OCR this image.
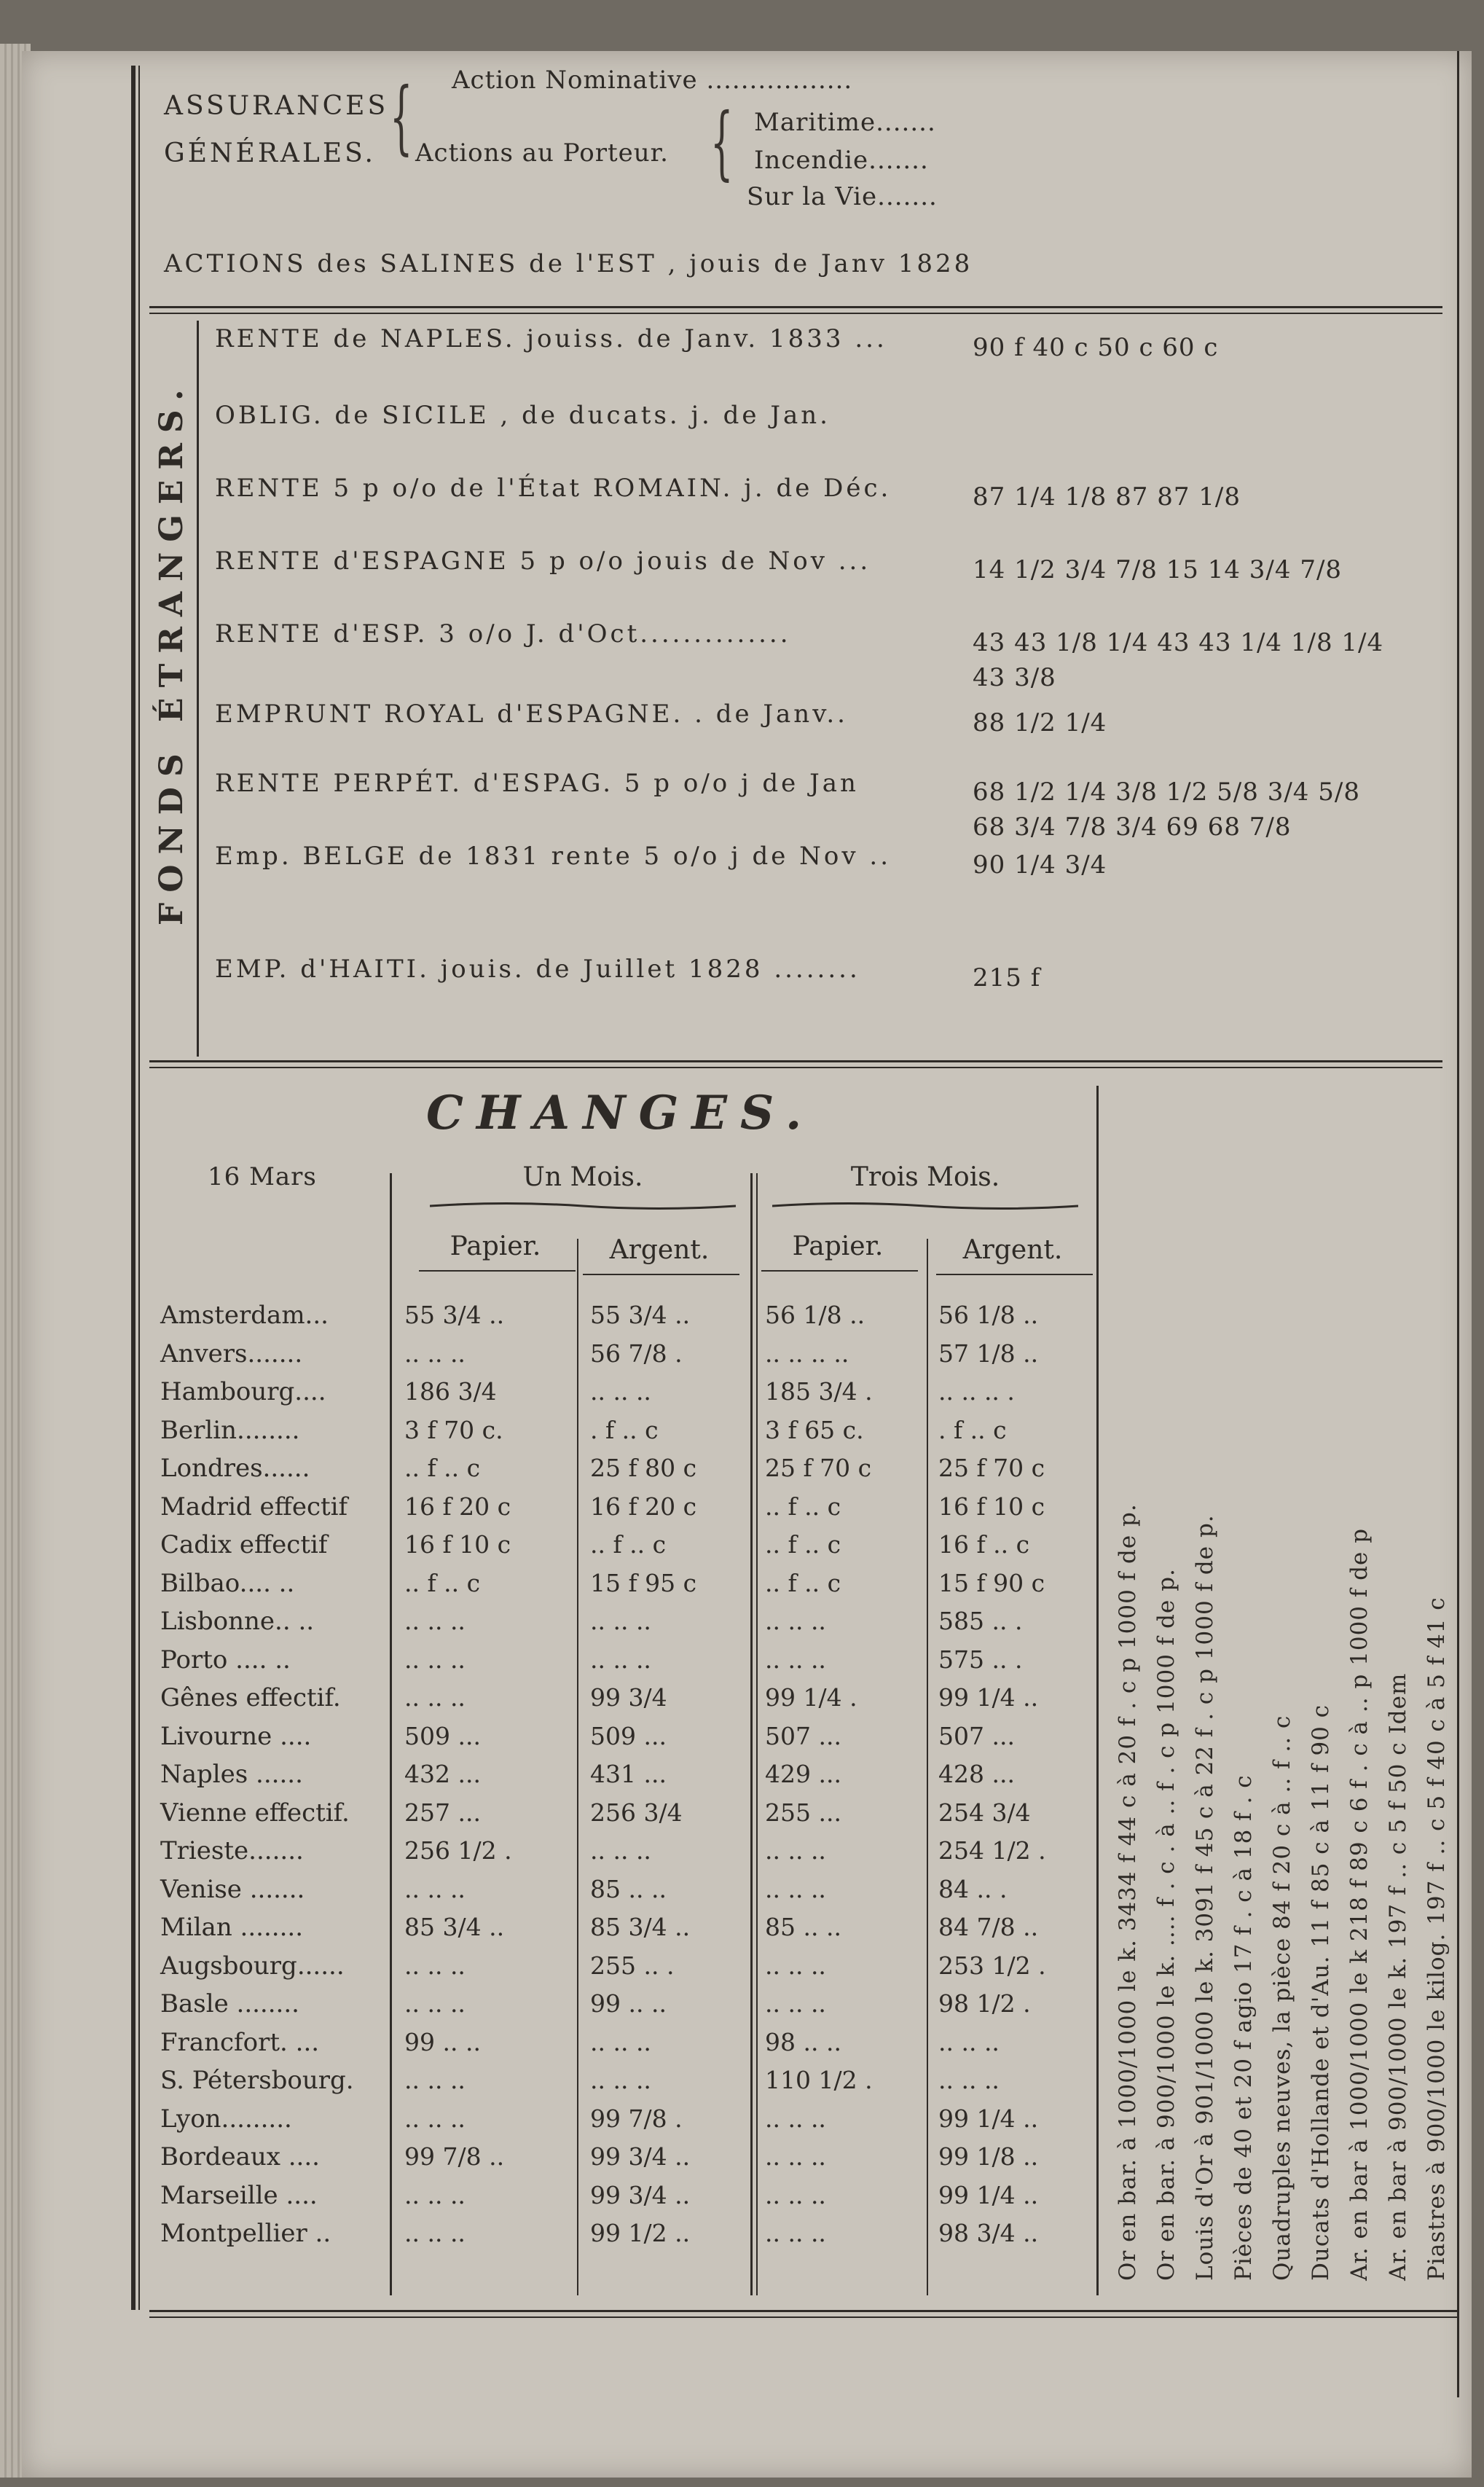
ASSURANCES
GÉNÉRALES. { Action Nominative .................
Actions au Porteur. { Maritime.......
Incendie.......
Sur la Vie.......
ACTIONS des SALINES de l'EST , jouis de Janv 1828
FONDS ÉTRANGERS.
CHANGES.
16 Mars	Un Mois.	Trois Mois.
Papier.	Argent.	Papier.	Argent.
RENTE de NAPLES. jouiss. de Janv. 1833 ...	90 f 40 c 50 c 60 c
OBLIG. de SICILE , de ducats. j. de Jan.
RENTE 5 p o/o de l'État ROMAIN. j. de Déc.	87 1/4 1/8 87 87 1/8
RENTE d'ESPAGNE 5 p o/o jouis de Nov ...	14 1/2 3/4 7/8 15 14 3/4 7/8
RENTE d'ESP. 3 o/o J. d'Oct..............	43 43 1/8 1/4 43 43 1/4 1/8 1/4
43 3/8
EMPRUNT ROYAL d'ESPAGNE. . de Janv..	88 1/2 1/4
RENTE PERPÉT. d'ESPAG. 5 p o/o j de Jan	68 1/2 1/4 3/8 1/2 5/8 3/4 5/8
68 3/4 7/8 3/4 69 68 7/8
Emp. BELGE de 1831 rente 5 o/o j de Nov ..	90 1/4 3/4
EMP. d'HAITI. jouis. de Juillet 1828 ........	215 f
Amsterdam...	55 3/4 ..	55 3/4 ..	56 1/8 ..	56 1/8 ..
Anvers.......	.. .. ..	56 7/8 .	.. .. .. ..	57 1/8 ..
Hambourg....	186 3/4	.. .. ..	185 3/4 .	.. .. .. .
Berlin........	3 f 70 c.	. f .. c	3 f 65 c.	. f .. c
Londres......	.. f .. c	25 f 80 c	25 f 70 c	25 f 70 c
Madrid effectif 16 f 20 c	16 f 20 c	.. f .. c	16 f 10 c
Cadix effectif	16 f 10 c	.. f .. c	.. f .. c	16 f .. c
Bilbao.... ..	.. f .. c	15 f 95 c	.. f .. c	15 f 90 c
Lisbonne.. ..	.. .. ..	.. .. ..	.. .. ..	585 .. .
Porto .... ..	.. .. ..	.. .. ..	.. .. ..	575 .. .
Gênes effectif.	.. .. ..	99 3/4	99 1/4 .	99 1/4 ..
Livourne ....	509 ...	509 ...	507 ...	507 ...
Naples ......	432 ...	431 ...	429 ...	428 ...
Vienne effectif. 257 ...	256 3/4	255 ...	254 3/4
Trieste.......	256 1/2 .	.. .. ..	.. .. ..	254 1/2 .
Venise .......	.. .. ..	85 .. ..	.. .. ..	84 .. .
Milan ........	85 3/4 ..	85 3/4 ..	85 .. ..	84 7/8 ..
Augsbourg...... .. .. ..	255 .. .	.. .. ..	253 1/2 .
Basle ........	.. .. ..	99 .. ..	.. .. ..	98 1/2 .
Francfort. ...	99 .. ..	.. .. ..	98 .. ..	.. .. ..
S. Pétersbourg. .. .. ..	.. .. ..	110 1/2 .	.. .. ..
Lyon.........	.. .. ..	99 7/8 .	.. .. ..	99 1/4 ..
Bordeaux ....	99 7/8 ..	99 3/4 ..	.. .. ..	99 1/8 ..
Marseille ....	.. .. ..	99 3/4 ..	.. .. ..	99 1/4 ..
Montpellier ..	.. .. ..	99 1/2 ..	.. .. ..	98 3/4 ..	Or en bar. à 1000/1000 le k. 3434 f 44 c à 20 f . c p 1000 f de p. Or en bar. à 900/1000 le k. .... f . c . à .. f . c p 1000 f de p. Louis d'Or à 901/1000 le k. 3091 f 45 c à 22 f . c p 1000 f de p. Pièces de 40 et 20 f agio 17 f . c à 18 f . c Quadruples neuves, la pièce 84 f 20 c à .. f .. c Ducats d'Hollande et d'Au. 11 f 85 c à 11 f 90 c Ar. en bar à 1000/1000 le k 218 f 89 c 6 f . c à .. p 1000 f de p Ar. en bar à 900/1000 le k. 197 f .. c 5 f 50 c Idem Piastres à 900/1000 le kilog. 197 f .. c 5 f 40 c à 5 f 41 c
